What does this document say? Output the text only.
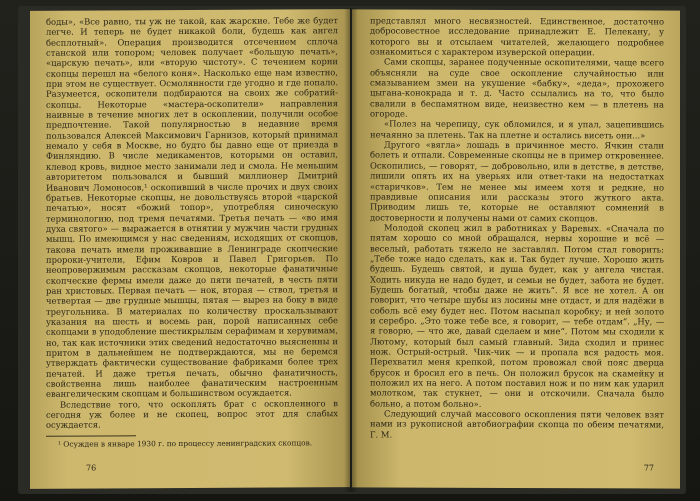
боды», «Все равно, ты уж не такой, как жарские. Тебе же будет легче. И теперь не будет никакой боли, будешь как ангел бесплотный». Операция производится отсечением сплоча станской или топором; человек получает «большую печать», «царскую печать», или «вторую чистоту». С течением корни скопцы перешл на «белого коня». Насколько еще нам известно, при этом не существует. Осмолянности где угодно и где попало. Разумеется, оскопители подбираются на своих же собратий-скопцы. Некоторые «мастера-оскопители» направления наивные в течение многих лет в оскоплении, получили особое предпочтение. Такой популярностью в недавние время пользовался Алексей Максимович Гарнизов, который принимал немало у себя в Москве, но будто бы давно еще от приезда в Финляндию. В числе медикаментов, которыми он оставил, клевод кровь, видное место занимали лед и смола. Не меньшим авторитетом пользовался и бывший миллионер Дмитрий Иванович Ломоносов,¹ оскопивший в числе прочих и двух своих братьев. Некоторые скопцы, не довольствуясь второй «царской печатью», носят «божий топор», употребляя синоческую терминологию, под тремя печатями. Третья печать — «во имя духа святого» — выражается в отнятии у мужчин части грудных мышц. По имеющимся у нас сведениям, исходящих от скопцов, такова печать имели проживавшие в Ленинграде скопческие пророки-учители, Ефим Ковров и Павел Григорьев. По неопровержимым рассказам скопцов, некоторые фанатичные скопческие фермы имели даже до пяти печатей, в честь пяти ран христовых. Первая печать — нок, вторая — ствол, третья и четвертая — две грудные мышцы, пятая — вырез на боку в виде треугольника. В материалах по количеству проскальзывают указания на шесть и восемь ран, порой написанных себе скопцами в уподобление шестикрылым серафимам и херувимам, но, так как источники этих сведений недостаточно выясненны и притом в дальнейшем не подтверждаются, мы не беремся утверждать фактически существование фабриками более трех печатей. И даже третья печать, обычно фанатичность, свойственна лишь наиболее фанатическим настроенным евангелическим скопцам и большинством осуждается.

Вследствие того, что оскоплять брат с оскопленного в сегодня уж более и не скопец, вопрос этот для слабых осуждается.

¹ Осужден в январе 1930 г. по процессу ленинградских скопцов.
76

представлял много несвязностей. Единственное, достаточно добросовестное исследование принадлежит Е. Пелекану, у которого вы и отсылаем читателей, желающего подробнее ознакомиться с характером изуверской операции.

Сами скопцы, заранее подученные оскопителями, чаще всего объясняли на суде свое оскопление случайностью или смазыванием змеи на укушение «бабку», «деда», прохожего цыгана-конокрада и т. д. Часто ссылались на то, что было свалили в беспамятном виде, неизвестно кем — в плетень на огороде.

«Полез на черепицу, сук обломился, и я упал, зацепившись нечаянно за плетень. Так на плетне и остались висеть они...»

Другого «вягла» лошадь в причинное место. Ячкин стали болеть и отпали. Современные скопцы не в пример откровеннее. Оскопились, — говорят, — добровольно, или в детстве, в детстве, лишили опять их на уверьях или ответ-таки на недостатках «старичков». Тем не менее мы имеем хотя и редкие, но правдивые описания или рассказы этого жуткого акта. Приводим лишь те, которые не оставляют сомнений в достоверности и получены нами от самих скопцов.

Молодой скопец жил в работниках у Варевых. «Сначала по пятам хорошо со мной обращался, нервы хорошие и всё — веселый, работать тяжело не заставлял. Потом стал говорить: „Тебе тоже надо сделать, как и. Так будет лучше. Хорошо жить будешь. Будешь святой, и душа будет, как у ангела чистая. Ходить никуда не надо будет, и семьи не будет, забота не будет. Будешь богатый, чтобы даже не жить“. Я все не хотел. А он говорит, что четыре шубы из лосины мне отдаст, и для надёжи в соболь всё ему будет нес. Потом насыпал коробку; и ней золото и серебро. „Это тоже тебе все, я говорит, — тебе отдам“. „Ну, — я говорю, — что же, давай сделаем и мне“. Потом мы сходили к Лютому, который был самый главный. Зида сходил и принес нож. Острый-острый. Чик-чик — и пропала вся радость моя. Перехватил меня крепкой, потом провожал свой пояс дверца брусок и бросил его в печь. Он положил брусок на скамейку и положил их на него. А потом поставил нож и по ним как ударил молотком, так стукнет, — они и отскочили. Сначала было больно, а потом больно».

Следующий случай массового оскопления пяти человек взят нами из рукописной автобиографии скопца по обеим печатями, Г. М.

77
